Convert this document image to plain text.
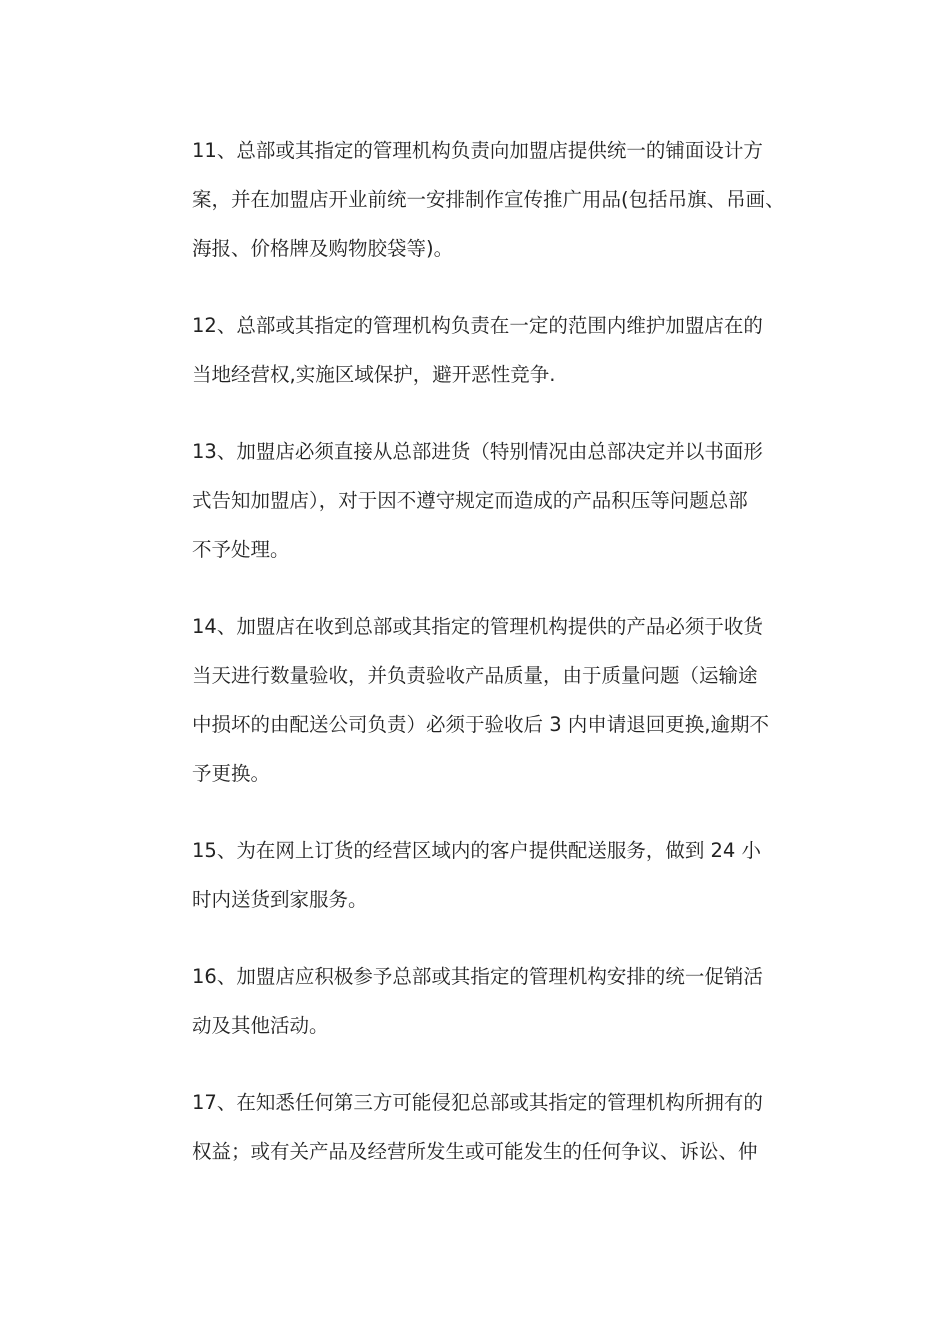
11、总部或其指定的管理机构负责向加盟店提供统一的铺面设计方
案，并在加盟店开业前统一安排制作宣传推广用品(包括吊旗、吊画、
海报、价格牌及购物胶袋等)。
12、总部或其指定的管理机构负责在一定的范围内维护加盟店在的
当地经营权,实施区域保护，避开恶性竞争.
13、加盟店必须直接从总部进货（特别情况由总部决定并以书面形
式告知加盟店），对于因不遵守规定而造成的产品积压等问题总部
不予处理。
14、加盟店在收到总部或其指定的管理机构提供的产品必须于收货
当天进行数量验收，并负责验收产品质量，由于质量问题（运输途
中损坏的由配送公司负责）必须于验收后 3 内申请退回更换,逾期不
予更换。
15、为在网上订货的经营区域内的客户提供配送服务，做到 24 小
时内送货到家服务。
16、加盟店应积极参予总部或其指定的管理机构安排的统一促销活
动及其他活动。
17、在知悉任何第三方可能侵犯总部或其指定的管理机构所拥有的
权益；或有关产品及经营所发生或可能发生的任何争议、诉讼、仲
